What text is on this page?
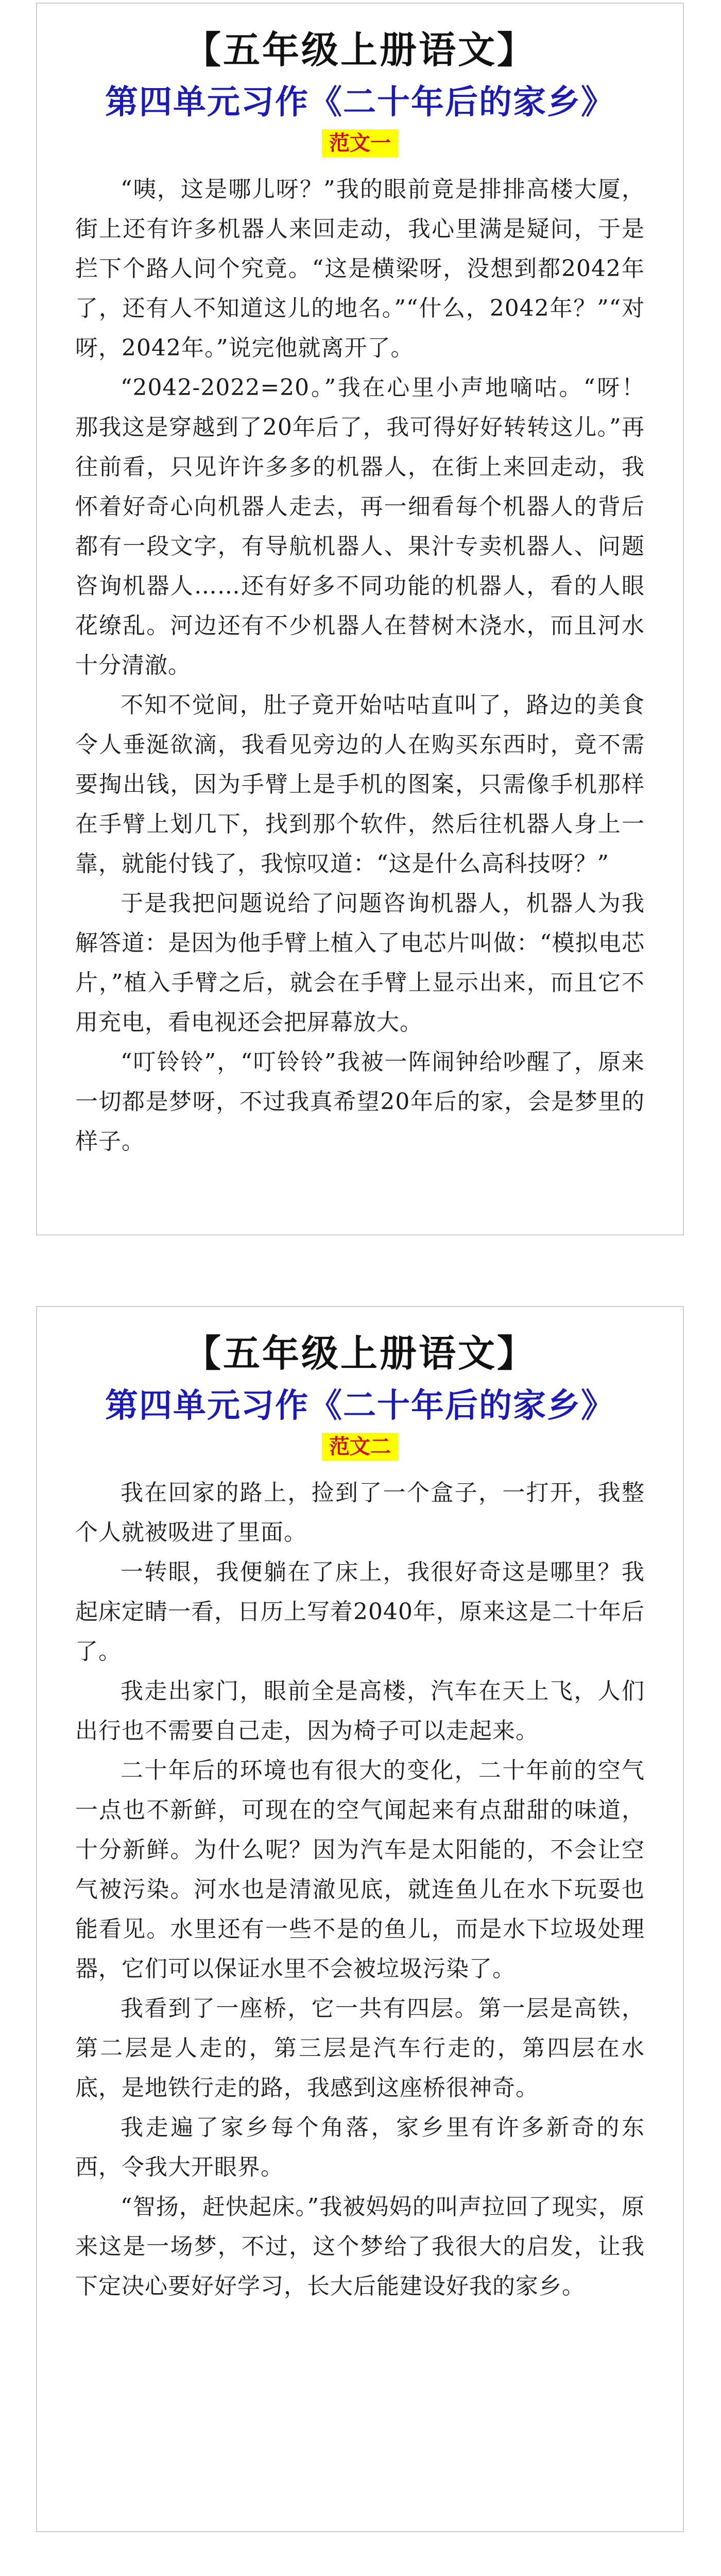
【五年级上册语文】
第四单元习作《二十年后的家乡》
范文一

“咦，这是哪儿呀？”我的眼前竟是排排高楼大厦，街上还有许多机器人来回走动，我心里满是疑问，于是拦下个路人问个究竟。“这是横梁呀，没想到都2042年了，还有人不知道这儿的地名。”“什么，2042年？”“对呀，2042年。”说完他就离开了。

“2042-2022=20。”我在心里小声地嘀咕。“呀！那我这是穿越到了20年后了，我可得好好转转这儿。”再往前看，只见许许多多的机器人，在街上来回走动，我怀着好奇心向机器人走去，再一细看每个机器人的背后都有一段文字，有导航机器人、果汁专卖机器人、问题咨询机器人……还有好多不同功能的机器人，看的人眼花缭乱。河边还有不少机器人在替树木浇水，而且河水十分清澈。

不知不觉间，肚子竟开始咕咕直叫了，路边的美食令人垂涎欲滴，我看见旁边的人在购买东西时，竟不需要掏出钱，因为手臂上是手机的图案，只需像手机那样在手臂上划几下，找到那个软件，然后往机器人身上一靠，就能付钱了，我惊叹道：“这是什么高科技呀？”

于是我把问题说给了问题咨询机器人，机器人为我解答道：是因为他手臂上植入了电芯片叫做：“模拟电芯片，”植入手臂之后，就会在手臂上显示出来，而且它不用充电，看电视还会把屏幕放大。

“叮铃铃”，“叮铃铃”我被一阵闹钟给吵醒了，原来一切都是梦呀，不过我真希望20年后的家，会是梦里的样子。

【五年级上册语文】
第四单元习作《二十年后的家乡》
范文二

我在回家的路上，捡到了一个盒子，一打开，我整个人就被吸进了里面。

一转眼，我便躺在了床上，我很好奇这是哪里？我起床定睛一看，日历上写着2040年，原来这是二十年后了。

我走出家门，眼前全是高楼，汽车在天上飞，人们出行也不需要自己走，因为椅子可以走起来。

二十年后的环境也有很大的变化，二十年前的空气一点也不新鲜，可现在的空气闻起来有点甜甜的味道，十分新鲜。为什么呢？因为汽车是太阳能的，不会让空气被污染。河水也是清澈见底，就连鱼儿在水下玩耍也能看见。水里还有一些不是的鱼儿，而是水下垃圾处理器，它们可以保证水里不会被垃圾污染了。

我看到了一座桥，它一共有四层。第一层是高铁，第二层是人走的，第三层是汽车行走的，第四层在水底，是地铁行走的路，我感到这座桥很神奇。

我走遍了家乡每个角落，家乡里有许多新奇的东西，令我大开眼界。

“智扬，赶快起床。”我被妈妈的叫声拉回了现实，原来这是一场梦，不过，这个梦给了我很大的启发，让我下定决心要好好学习，长大后能建设好我的家乡。
